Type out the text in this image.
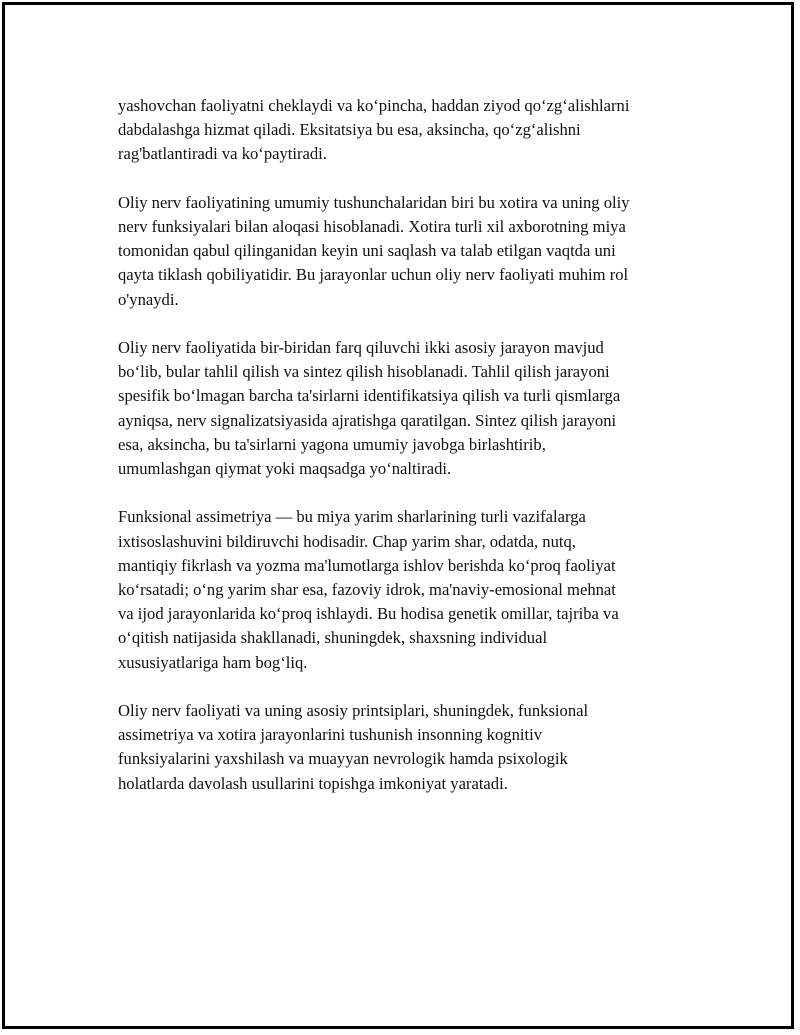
yashovchan faoliyatni cheklaydi va ko‘pincha, haddan ziyod qo‘zg‘alishlarni
dabdalashga hizmat qiladi. Eksitatsiya bu esa, aksincha, qo‘zg‘alishni
rag'batlantiradi va ko‘paytiradi.

Oliy nerv faoliyatining umumiy tushunchalaridan biri bu xotira va uning oliy
nerv funksiyalari bilan aloqasi hisoblanadi. Xotira turli xil axborotning miya
tomonidan qabul qilinganidan keyin uni saqlash va talab etilgan vaqtda uni
qayta tiklash qobiliyatidir. Bu jarayonlar uchun oliy nerv faoliyati muhim rol
o'ynaydi.

Oliy nerv faoliyatida bir-biridan farq qiluvchi ikki asosiy jarayon mavjud
bo‘lib, bular tahlil qilish va sintez qilish hisoblanadi. Tahlil qilish jarayoni
spesifik bo‘lmagan barcha ta'sirlarni identifikatsiya qilish va turli qismlarga
ayniqsa, nerv signalizatsiyasida ajratishga qaratilgan. Sintez qilish jarayoni
esa, aksincha, bu ta'sirlarni yagona umumiy javobga birlashtirib,
umumlashgan qiymat yoki maqsadga yo‘naltiradi.

Funksional assimetriya — bu miya yarim sharlarining turli vazifalarga
ixtisoslashuvini bildiruvchi hodisadir. Chap yarim shar, odatda, nutq,
mantiqiy fikrlash va yozma ma'lumotlarga ishlov berishda ko‘proq faoliyat
ko‘rsatadi; o‘ng yarim shar esa, fazoviy idrok, ma'naviy-emosional mehnat
va ijod jarayonlarida ko‘proq ishlaydi. Bu hodisa genetik omillar, tajriba va
o‘qitish natijasida shakllanadi, shuningdek, shaxsning individual
xususiyatlariga ham bog‘liq.

Oliy nerv faoliyati va uning asosiy printsiplari, shuningdek, funksional
assimetriya va xotira jarayonlarini tushunish insonning kognitiv
funksiyalarini yaxshilash va muayyan nevrologik hamda psixologik
holatlarda davolash usullarini topishga imkoniyat yaratadi.
